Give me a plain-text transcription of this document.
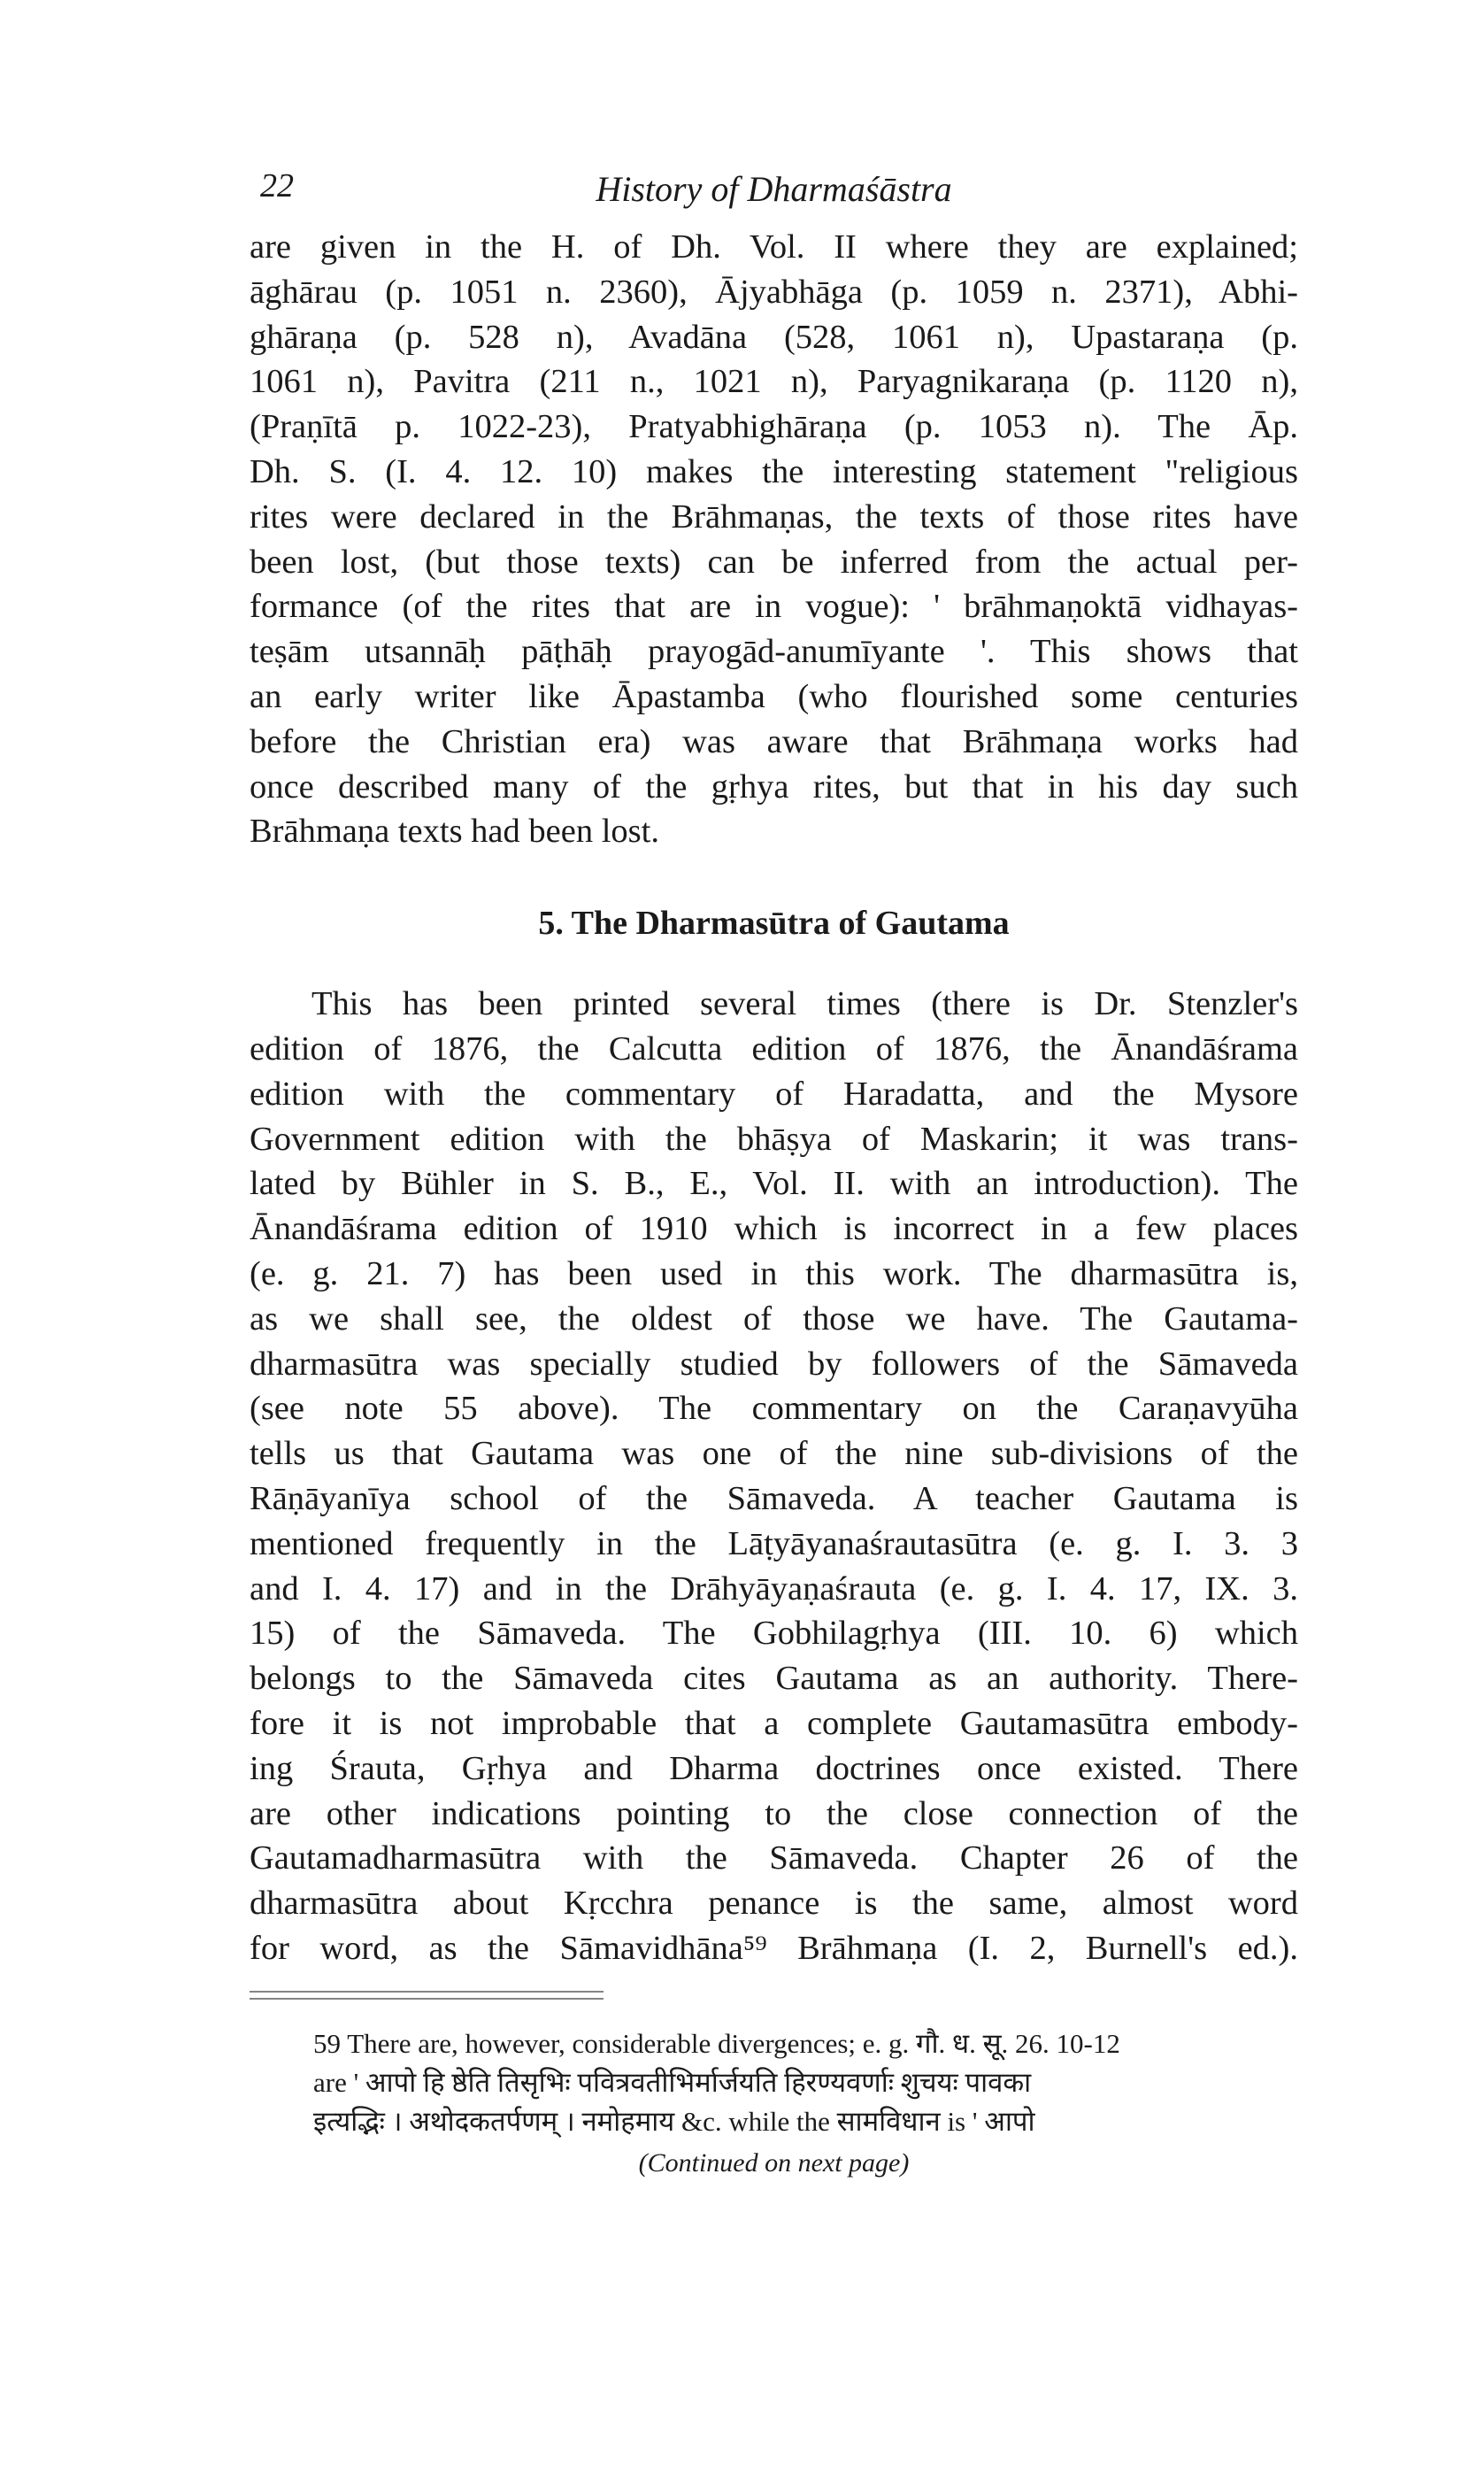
22	History of Dharmaśāstra

are given in the H. of Dh. Vol. II where they are explained;
āghārau (p. 1051 n. 2360), Ājyabhāga (p. 1059 n. 2371), Abhi-
ghāraṇa (p. 528 n), Avadāna (528, 1061 n), Upastaraṇa (p.
1061 n), Pavitra (211 n., 1021 n), Paryagnikaraṇa (p. 1120 n),
(Praṇītā p. 1022-23), Pratyabhighāraṇa (p. 1053 n). The Āp.
Dh. S. (I. 4. 12. 10) makes the interesting statement "religious
rites were declared in the Brāhmaṇas, the texts of those rites have
been lost, (but those texts) can be inferred from the actual per-
formance (of the rites that are in vogue): ' brāhmaṇoktā vidhayas-
teṣām utsannāḥ pāṭhāḥ prayogād-anumīyante '. This shows that
an early writer like Āpastamba (who flourished some centuries
before the Christian era) was aware that Brāhmaṇa works had
once described many of the gṛhya rites, but that in his day such
Brāhmaṇa texts had been lost.

5. The Dharmasūtra of Gautama

This has been printed several times (there is Dr. Stenzler's
edition of 1876, the Calcutta edition of 1876, the Ānandāśrama
edition with the commentary of Haradatta, and the Mysore
Government edition with the bhāṣya of Maskarin; it was trans-
lated by Bühler in S. B., E., Vol. II. with an introduction). The
Ānandāśrama edition of 1910 which is incorrect in a few places
(e. g. 21. 7) has been used in this work. The dharmasūtra is,
as we shall see, the oldest of those we have. The Gautama-
dharmasūtra was specially studied by followers of the Sāmaveda
(see note 55 above). The commentary on the Caraṇavyūha
tells us that Gautama was one of the nine sub-divisions of the
Rāṇāyanīya school of the Sāmaveda. A teacher Gautama is
mentioned frequently in the Lāṭyāyanaśrautasūtra (e. g. I. 3. 3
and I. 4. 17) and in the Drāhyāyaṇaśrauta (e. g. I. 4. 17, IX. 3.
15) of the Sāmaveda. The Gobhilagṛhya (III. 10. 6) which
belongs to the Sāmaveda cites Gautama as an authority. There-
fore it is not improbable that a complete Gautamasūtra embody-
ing Śrauta, Gṛhya and Dharma doctrines once existed. There
are other indications pointing to the close connection of the
Gautamadharmasūtra with the Sāmaveda. Chapter 26 of the
dharmasūtra about Kṛcchra penance is the same, almost word
for word, as the Sāmavidhāna⁵⁹ Brāhmaṇa (I. 2, Burnell's ed.).

59 There are, however, considerable divergences; e. g. गौ. ध. सू. 26. 10-12
are ' आपो हि ष्ठेति तिसृभिः पवित्रवतीभिर्मार्जयति हिरण्यवर्णाः शुचयः पावका
इत्यद्भिः । अथोदकतर्पणम् । नमोहमाय &c. while the सामविधान is ' आपो
(Continued on next page)
